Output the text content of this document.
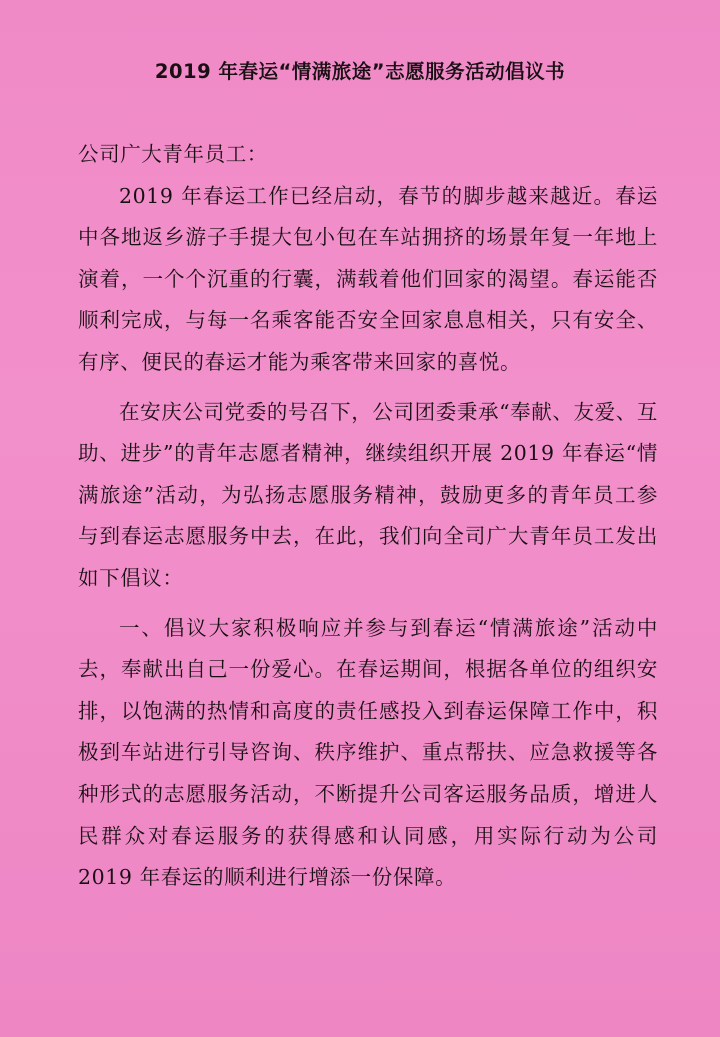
2019 年春运“情满旅途”志愿服务活动倡议书

公司广大青年员工：

2019 年春运工作已经启动，春节的脚步越来越近。春运中各地返乡游子手提大包小包在车站拥挤的场景年复一年地上演着，一个个沉重的行囊，满载着他们回家的渴望。春运能否顺利完成，与每一名乘客能否安全回家息息相关，只有安全、有序、便民的春运才能为乘客带来回家的喜悦。

在安庆公司党委的号召下，公司团委秉承“奉献、友爱、互助、进步”的青年志愿者精神，继续组织开展 2019 年春运“情满旅途”活动，为弘扬志愿服务精神，鼓励更多的青年员工参与到春运志愿服务中去，在此，我们向全司广大青年员工发出如下倡议：

一、倡议大家积极响应并参与到春运“情满旅途”活动中去，奉献出自己一份爱心。在春运期间，根据各单位的组织安排，以饱满的热情和高度的责任感投入到春运保障工作中，积极到车站进行引导咨询、秩序维护、重点帮扶、应急救援等各种形式的志愿服务活动，不断提升公司客运服务品质，增进人民群众对春运服务的获得感和认同感，用实际行动为公司 2019 年春运的顺利进行增添一份保障。
